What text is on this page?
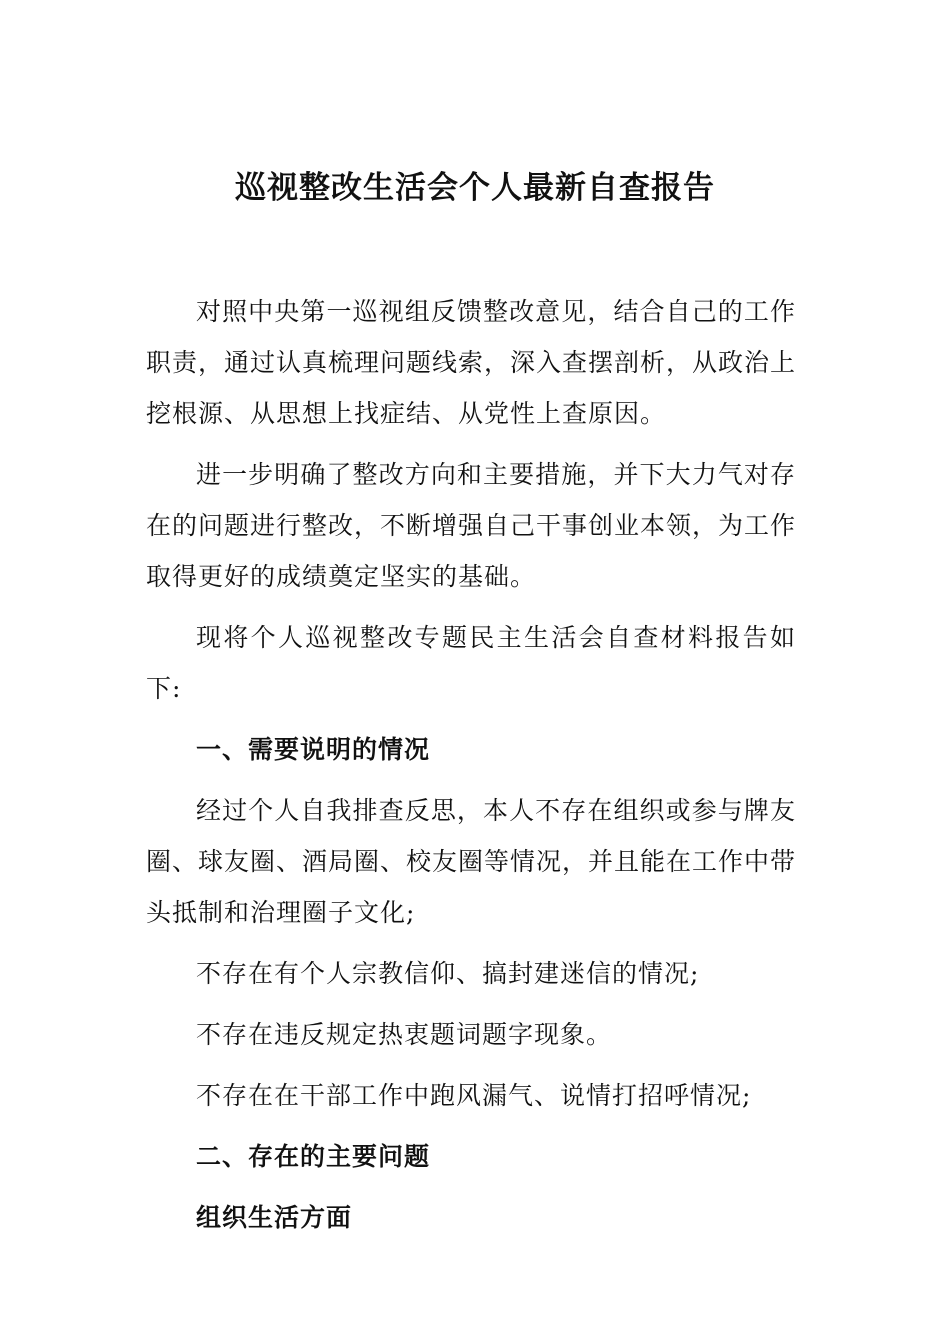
巡视整改生活会个人最新自查报告

对照中央第一巡视组反馈整改意见，结合自己的工作职责，通过认真梳理问题线索，深入查摆剖析，从政治上挖根源、从思想上找症结、从党性上查原因。

进一步明确了整改方向和主要措施，并下大力气对存在的问题进行整改，不断增强自己干事创业本领，为工作取得更好的成绩奠定坚实的基础。

现将个人巡视整改专题民主生活会自查材料报告如下:

一、需要说明的情况

经过个人自我排查反思，本人不存在组织或参与牌友圈、球友圈、酒局圈、校友圈等情况，并且能在工作中带头抵制和治理圈子文化;

不存在有个人宗教信仰、搞封建迷信的情况;

不存在违反规定热衷题词题字现象。

不存在在干部工作中跑风漏气、说情打招呼情况;

二、存在的主要问题

组织生活方面
